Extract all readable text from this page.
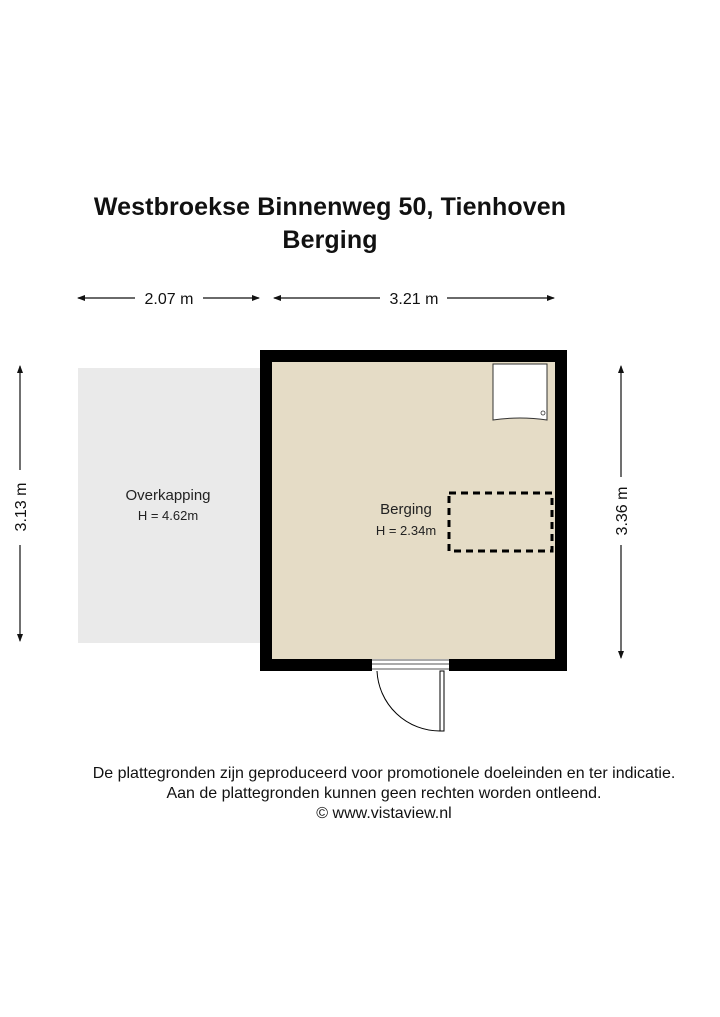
Westbroekse Binnenweg 50, Tienhoven
Berging
2.07 m	3.21 m
3.13 m	3.36 m
Overkapping
H = 4.62m	Berging
H = 2.34m
De plattegronden zijn geproduceerd voor promotionele doeleinden en ter indicatie.
Aan de plattegronden kunnen geen rechten worden ontleend.
© www.vistaview.nl
